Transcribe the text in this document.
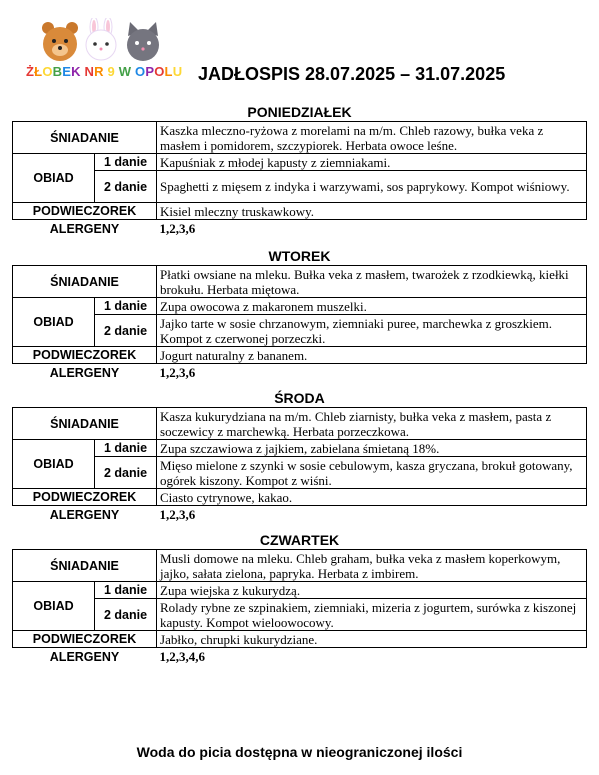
ŻŁOBEK NR 9 W OPOLU JADŁOSPIS 28.07.2025 – 31.07.2025
PONIEDZIAŁEK
ŚNIADANIE		Kaszka mleczno-ryżowa z morelami na m/m. Chleb razowy, bułka veka z masłem i pomidorem, szczypiorek. Herbata owoce leśne.
OBIAD	1 danie	Kapuśniak z młodej kapusty z ziemniakami.
	2 danie	Spaghetti z mięsem z indyka i warzywami, sos paprykowy. Kompot wiśniowy.
PODWIECZOREK		Kisiel mleczny truskawkowy.
ALERGENY		1,2,3,6
WTOREK
ŚNIADANIE		Płatki owsiane na mleku. Bułka veka z masłem, twarożek z rzodkiewką, kiełki brokułu. Herbata miętowa.
OBIAD	1 danie	Zupa owocowa z makaronem muszelki.
	2 danie	Jajko tarte w sosie chrzanowym, ziemniaki puree, marchewka z groszkiem. Kompot z czerwonej porzeczki.
PODWIECZOREK		Jogurt naturalny z bananem.
ALERGENY		1,2,3,6
ŚRODA
ŚNIADANIE		Kasza kukurydziana na m/m. Chleb ziarnisty, bułka veka z masłem, pasta z soczewicy z marchewką. Herbata porzeczkowa.
OBIAD	1 danie	Zupa szczawiowa z jajkiem, zabielana śmietaną 18%.
	2 danie	Mięso mielone z szynki w sosie cebulowym, kasza gryczana, brokuł gotowany, ogórek kiszony. Kompot z wiśni.
PODWIECZOREK		Ciasto cytrynowe, kakao.
ALERGENY		1,2,3,6
CZWARTEK
ŚNIADANIE		Musli domowe na mleku. Chleb graham, bułka veka z masłem koperkowym, jajko, sałata zielona, papryka. Herbata z imbirem.
OBIAD	1 danie	Zupa wiejska z kukurydzą.
	2 danie	Rolady rybne ze szpinakiem, ziemniaki, mizeria z jogurtem, surówka z kiszonej kapusty. Kompot wieloowocowy.
PODWIECZOREK		Jabłko, chrupki kukurydziane.
ALERGENY		1,2,3,4,6
Woda do picia dostępna w nieograniczonej ilości
